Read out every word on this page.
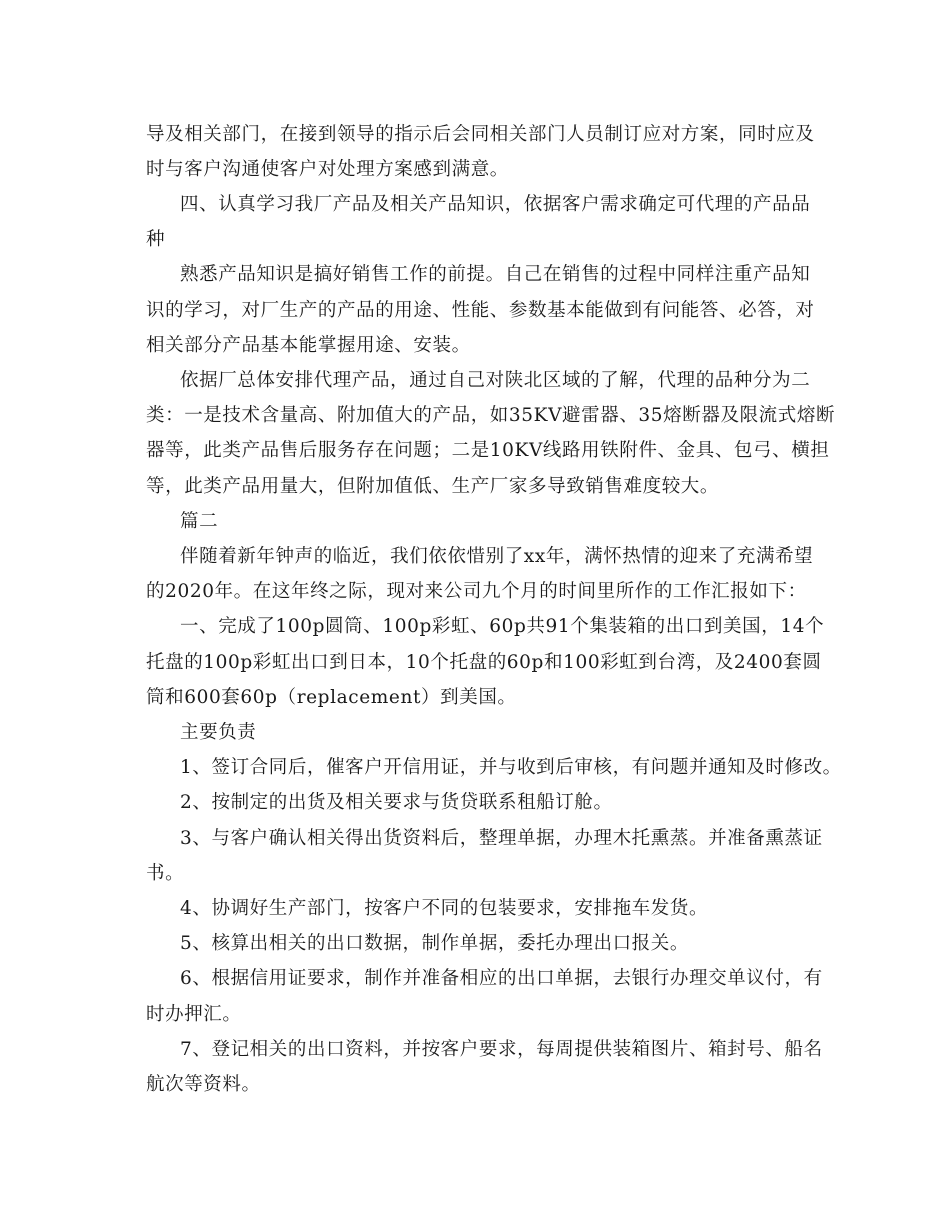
导及相关部门，在接到领导的指示后会同相关部门人员制订应对方案，同时应及
时与客户沟通使客户对处理方案感到满意。
四、认真学习我厂产品及相关产品知识，依据客户需求确定可代理的产品品
种
熟悉产品知识是搞好销售工作的前提。自己在销售的过程中同样注重产品知
识的学习，对厂生产的产品的用途、性能、参数基本能做到有问能答、必答，对
相关部分产品基本能掌握用途、安装。
依据厂总体安排代理产品，通过自己对陕北区域的了解，代理的品种分为二
类：一是技术含量高、附加值大的产品，如35KV避雷器、35熔断器及限流式熔断
器等，此类产品售后服务存在问题；二是10KV线路用铁附件、金具、包弓、横担
等，此类产品用量大，但附加值低、生产厂家多导致销售难度较大。
篇二
伴随着新年钟声的临近，我们依依惜别了xx年，满怀热情的迎来了充满希望
的2020年。在这年终之际，现对来公司九个月的时间里所作的工作汇报如下：
一、完成了100p圆筒、100p彩虹、60p共91个集装箱的出口到美国，14个
托盘的100p彩虹出口到日本，10个托盘的60p和100彩虹到台湾，及2400套圆
筒和600套60p（replacement）到美国。
主要负责
1、签订合同后，催客户开信用证，并与收到后审核，有问题并通知及时修改。
2、按制定的出货及相关要求与货贷联系租船订舱。
3、与客户确认相关得出货资料后，整理单据，办理木托熏蒸。并准备熏蒸证
书。
4、协调好生产部门，按客户不同的包装要求，安排拖车发货。
5、核算出相关的出口数据，制作单据，委托办理出口报关。
6、根据信用证要求，制作并准备相应的出口单据，去银行办理交单议付，有
时办押汇。
7、登记相关的出口资料，并按客户要求，每周提供装箱图片、箱封号、船名
航次等资料。
